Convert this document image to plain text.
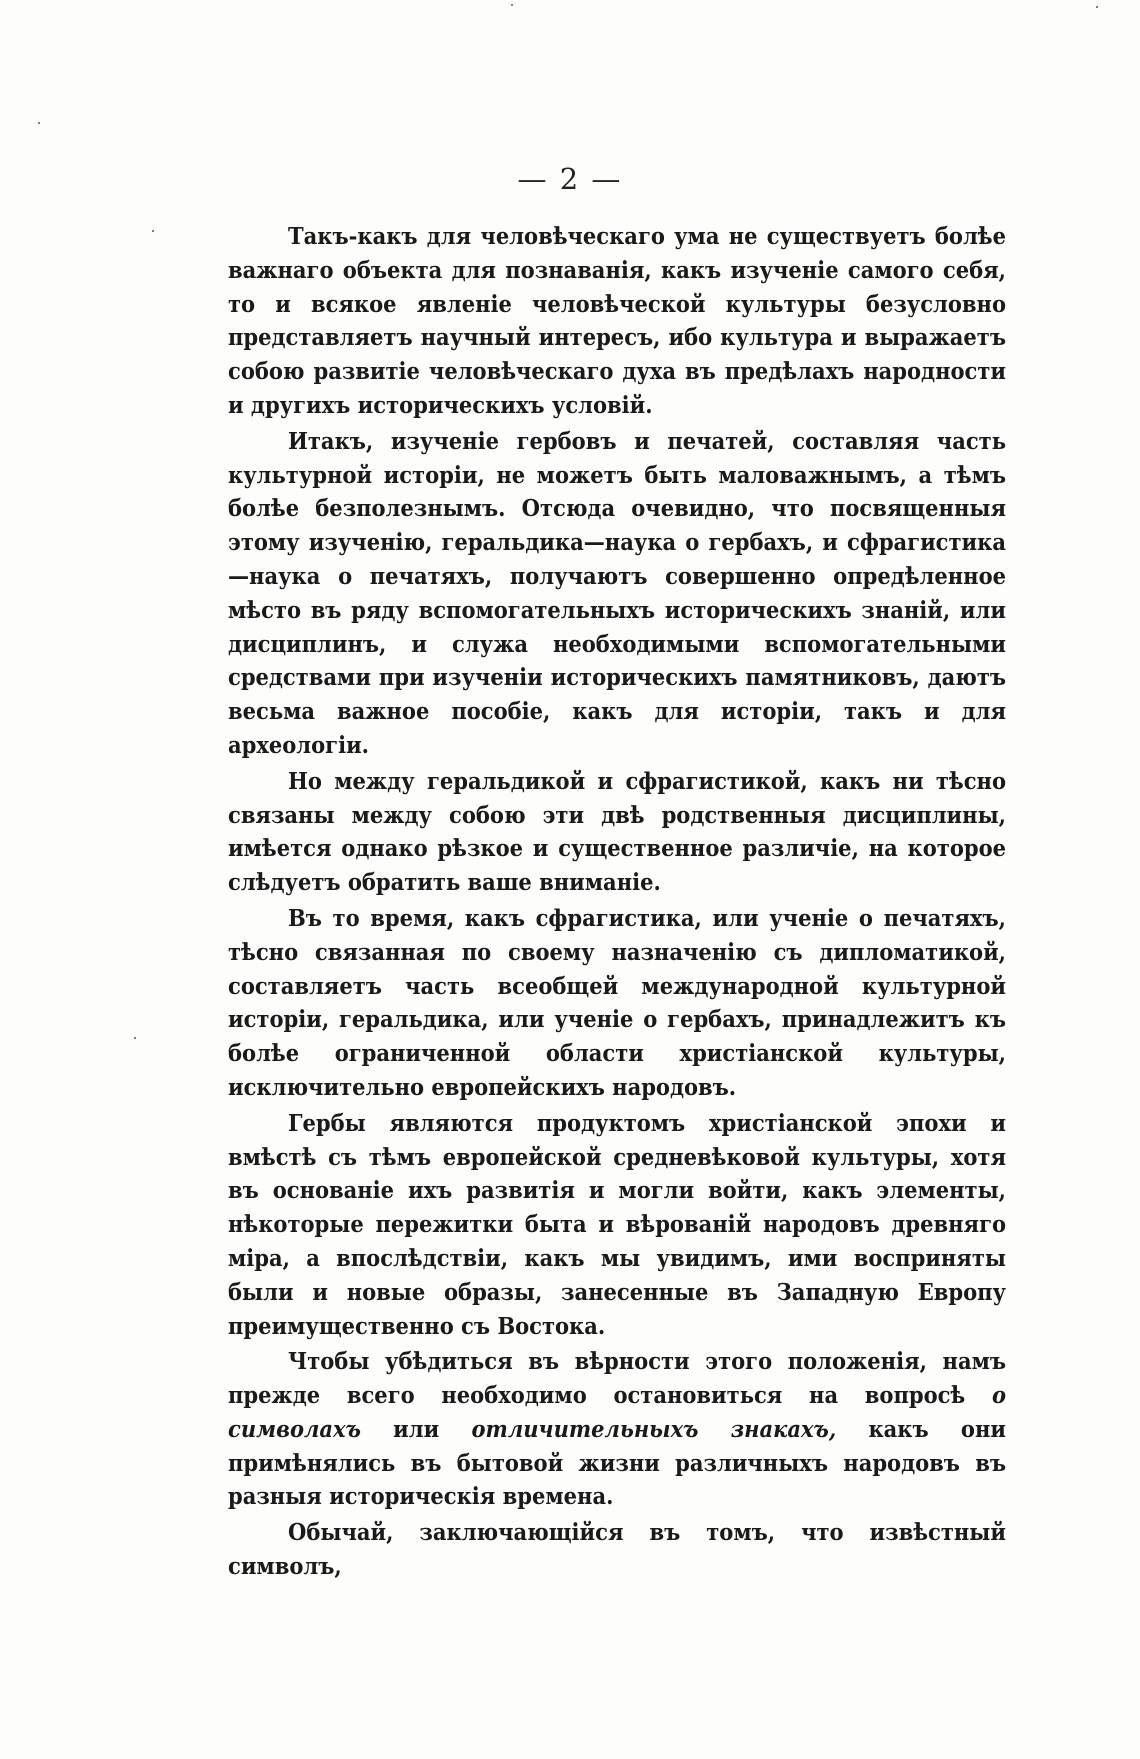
— 2 —

Такъ-какъ для человѣческаго ума не существуетъ болѣе важнаго объекта для познаванія, какъ изученіе самого себя, то и всякое явленіе человѣческой культуры безусловно представляетъ научный интересъ, ибо культура и выражаетъ собою развитіе человѣческаго духа въ предѣлахъ народности и другихъ историческихъ условій.

Итакъ, изученіе гербовъ и печатей, составляя часть культурной исторіи, не можетъ быть маловажнымъ, а тѣмъ болѣе безполезнымъ. Отсюда очевидно, что посвященныя этому изученію, геральдика—наука о гербахъ, и сфрагистика—наука о печатяхъ, получаютъ совершенно опредѣленное мѣсто въ ряду вспомогательныхъ историческихъ знаній, или дисциплинъ, и служа необходимыми вспомогательными средствами при изученіи историческихъ памятниковъ, даютъ весьма важное пособіе, какъ для исторіи, такъ и для археологіи.

Но между геральдикой и сфрагистикой, какъ ни тѣсно связаны между собою эти двѣ родственныя дисциплины, имѣется однако рѣзкое и существенное различіе, на которое слѣдуетъ обратить ваше вниманіе.

Въ то время, какъ сфрагистика, или ученіе о печатяхъ, тѣсно связанная по своему назначенію съ дипломатикой, составляетъ часть всеобщей международной культурной исторіи, геральдика, или ученіе о гербахъ, принадлежитъ къ болѣе ограниченной области христіанской культуры, исключительно европейскихъ народовъ.

Гербы являются продуктомъ христіанской эпохи и вмѣстѣ съ тѣмъ европейской средневѣковой культуры, хотя въ основаніе ихъ развитія и могли войти, какъ элементы, нѣкоторые пережитки быта и вѣрованій народовъ древняго міра, а впослѣдствіи, какъ мы увидимъ, ими восприняты были и новые образы, занесенные въ Западную Европу преимущественно съ Востока.

Чтобы убѣдиться въ вѣрности этого положенія, намъ прежде всего необходимо остановиться на вопросѣ о символахъ или отличительныхъ знакахъ, какъ они примѣнялись въ бытовой жизни различныхъ народовъ въ разныя историческія времена.

Обычай, заключающійся въ томъ, что извѣстный символъ,
